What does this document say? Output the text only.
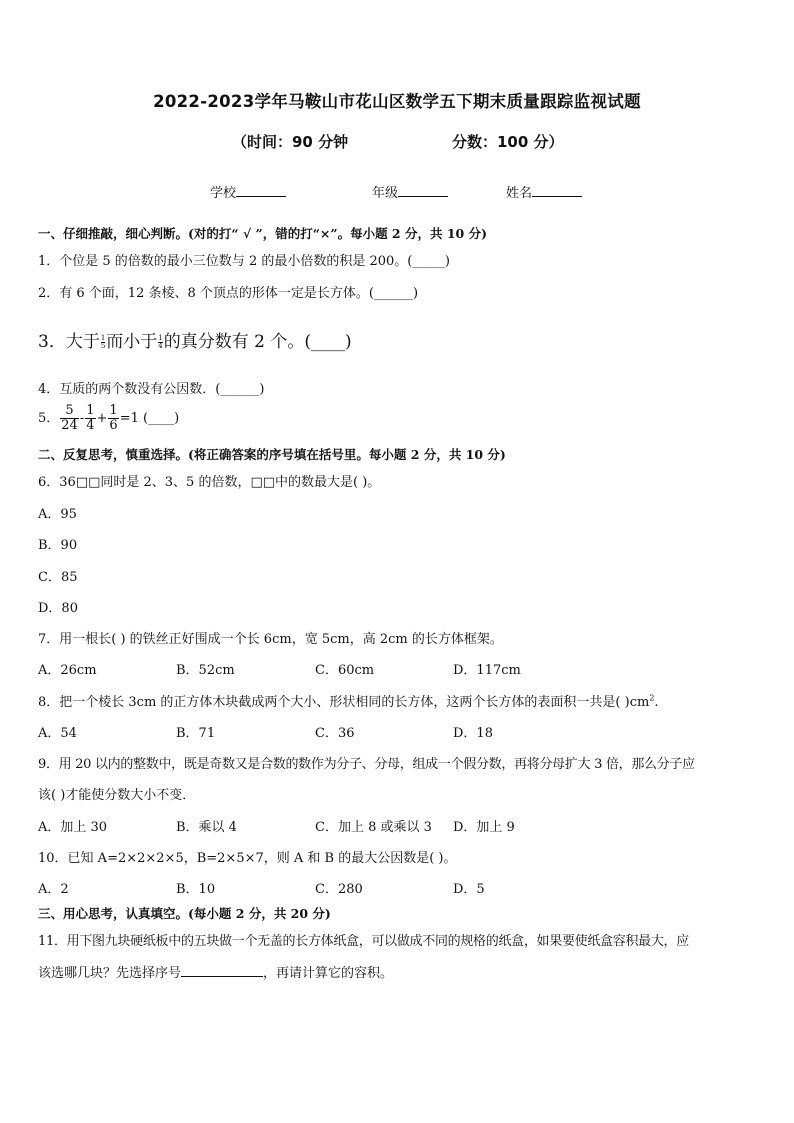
2022-2023学年马鞍山市花山区数学五下期末质量跟踪监视试题
（时间：90 分钟	分数：100 分）
学校	年级	姓名
一、仔细推敲，细心判断。(对的打“ √ ”，错的打“×”。每小题 2 分，共 10 分)
1．个位是 5 的倍数的最小三位数与 2 的最小倍数的积是 200。(_____)
2．有 6 个面，12 条棱、8 个顶点的形体一定是长方体。(______)
3．大于 $\frac{1}{5}$ 而小于 $\frac{1}{4}$ 的真分数有 2 个。(____)
4．互质的两个数没有公因数．(______)
5． $\frac{5}{24} - \frac{1}{4} + \frac{1}{6} =1$ (____)
二、反复思考，慎重选择。(将正确答案的序号填在括号里。每小题 2 分，共 10 分)
6．36□□同时是 2、3、5 的倍数，□□中的数最大是( )。
A．95
B．90
C．85
D．80
7．用一根长( ) 的铁丝正好围成一个长 6cm，宽 5cm，高 2cm 的长方体框架。
A．26cm	B．52cm	C．60cm	D．117cm
8．把一个棱长 3cm 的正方体木块截成两个大小、形状相同的长方体，这两个长方体的表面积一共是( )$cm^2$.
A．54	B．71	C．36	D．18
9．用 20 以内的整数中，既是奇数又是合数的数作为分子、分母，组成一个假分数，再将分母扩大 3 倍，那么分子应
该( )才能使分数大小不变．
A．加上 30	B．乘以 4	C．加上 8 或乘以 3 D．加上 9
10．已知 A=2×2×2×5，B=2×5×7，则 A 和 B 的最大公因数是( )。
A．2	B．10	C．280	D．5
三、用心思考，认真填空。(每小题 2 分，共 20 分)
11．用下图九块硬纸板中的五块做一个无盖的长方体纸盒，可以做成不同的规格的纸盒，如果要使纸盒容积最大，应
该选哪几块？先选择序号	，再请计算它的容积。
